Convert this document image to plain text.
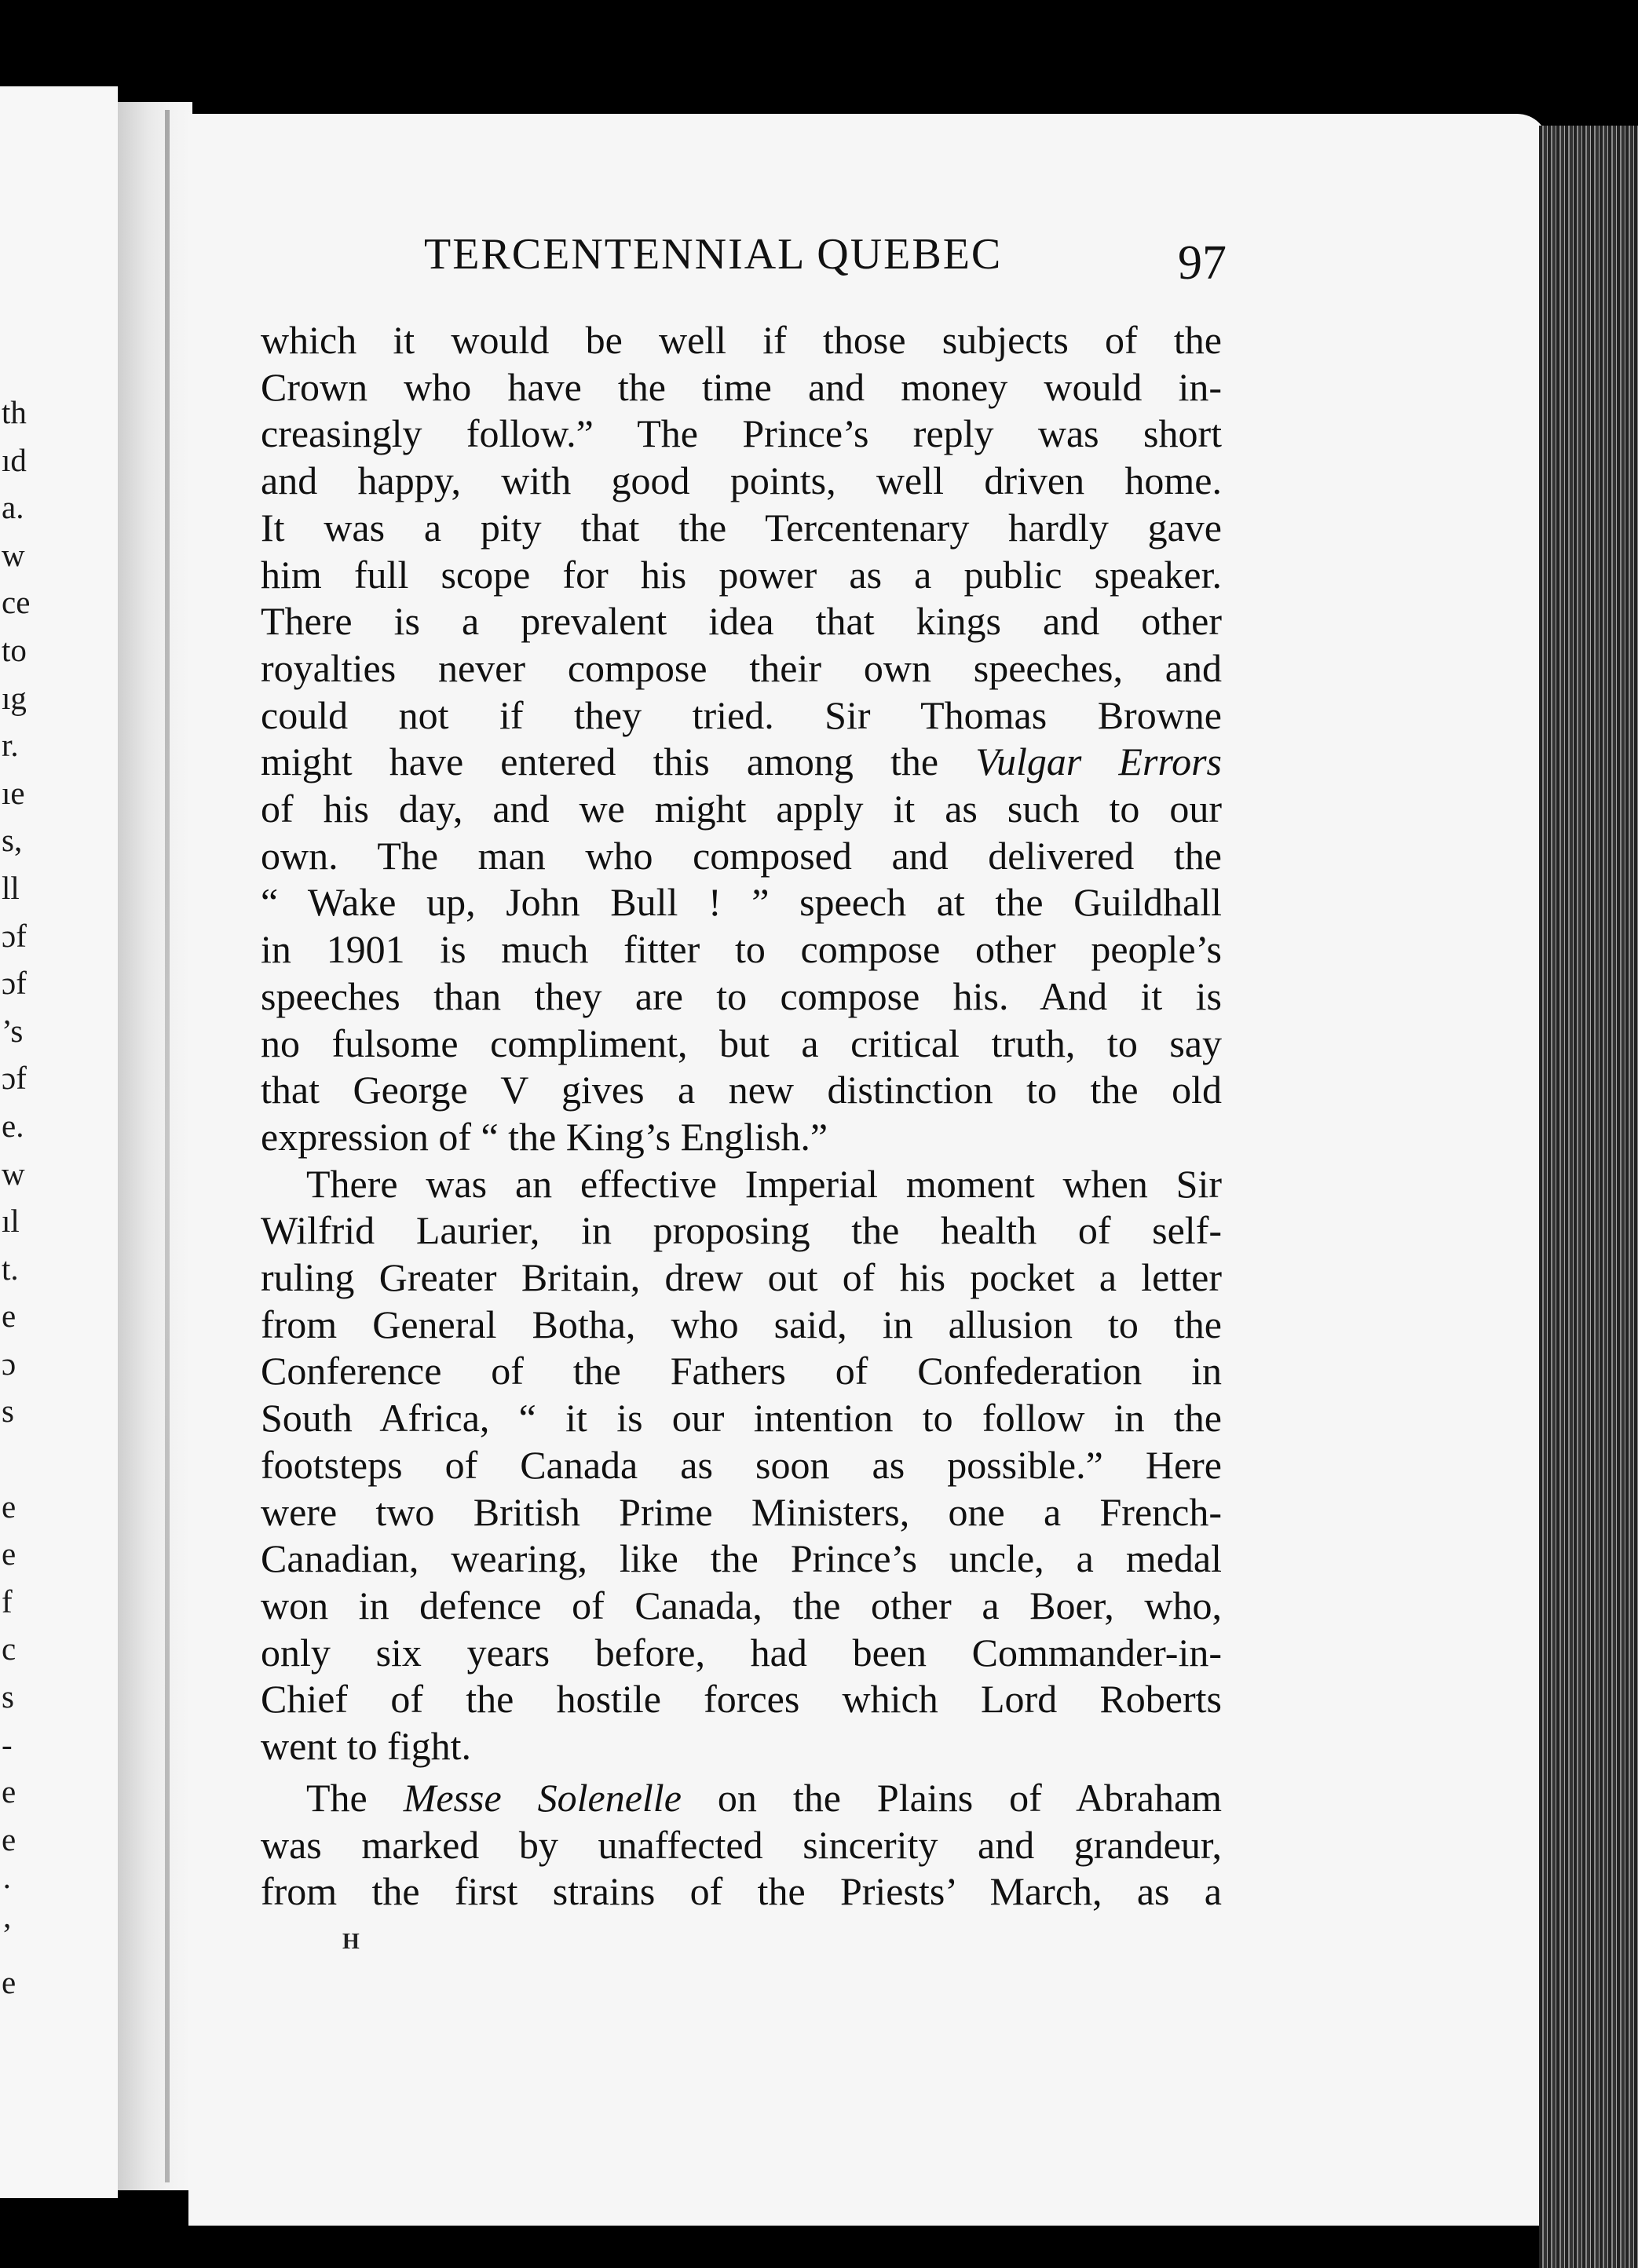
th
ıd
a.
w
ce
to
ıg
r.
ıe
s,
ll
ɔf
ɔf
’s
ɔf
e.
w
ıl
t.
e
ɔ
s

e
e
f
c
s
-
e
e
·
’
e
TERCENTENNIAL QUEBEC	97
which it would be well if those subjects of the
Crown who have the time and money would in-
creasingly follow.” The Prince’s reply was short
and happy, with good points, well driven home.
It was a pity that the Tercentenary hardly gave
him full scope for his power as a public speaker.
There is a prevalent idea that kings and other
royalties never compose their own speeches, and
could not if they tried. Sir Thomas Browne
might have entered this among the Vulgar Errors
of his day, and we might apply it as such to our
own. The man who composed and delivered the
“ Wake up, John Bull ! ” speech at the Guildhall
in 1901 is much fitter to compose other people’s
speeches than they are to compose his. And it is
no fulsome compliment, but a critical truth, to say
that George V gives a new distinction to the old
expression of “ the King’s English.”
There was an effective Imperial moment when Sir
Wilfrid Laurier, in proposing the health of self-
ruling Greater Britain, drew out of his pocket a letter
from General Botha, who said, in allusion to the
Conference of the Fathers of Confederation in
South Africa, “ it is our intention to follow in the
footsteps of Canada as soon as possible.” Here
were two British Prime Ministers, one a French-
Canadian, wearing, like the Prince’s uncle, a medal
won in defence of Canada, the other a Boer, who,
only six years before, had been Commander-in-
Chief of the hostile forces which Lord Roberts
went to fight.
The Messe Solenelle on the Plains of Abraham
was marked by unaffected sincerity and grandeur,
from the first strains of the Priests’ March, as a
H
